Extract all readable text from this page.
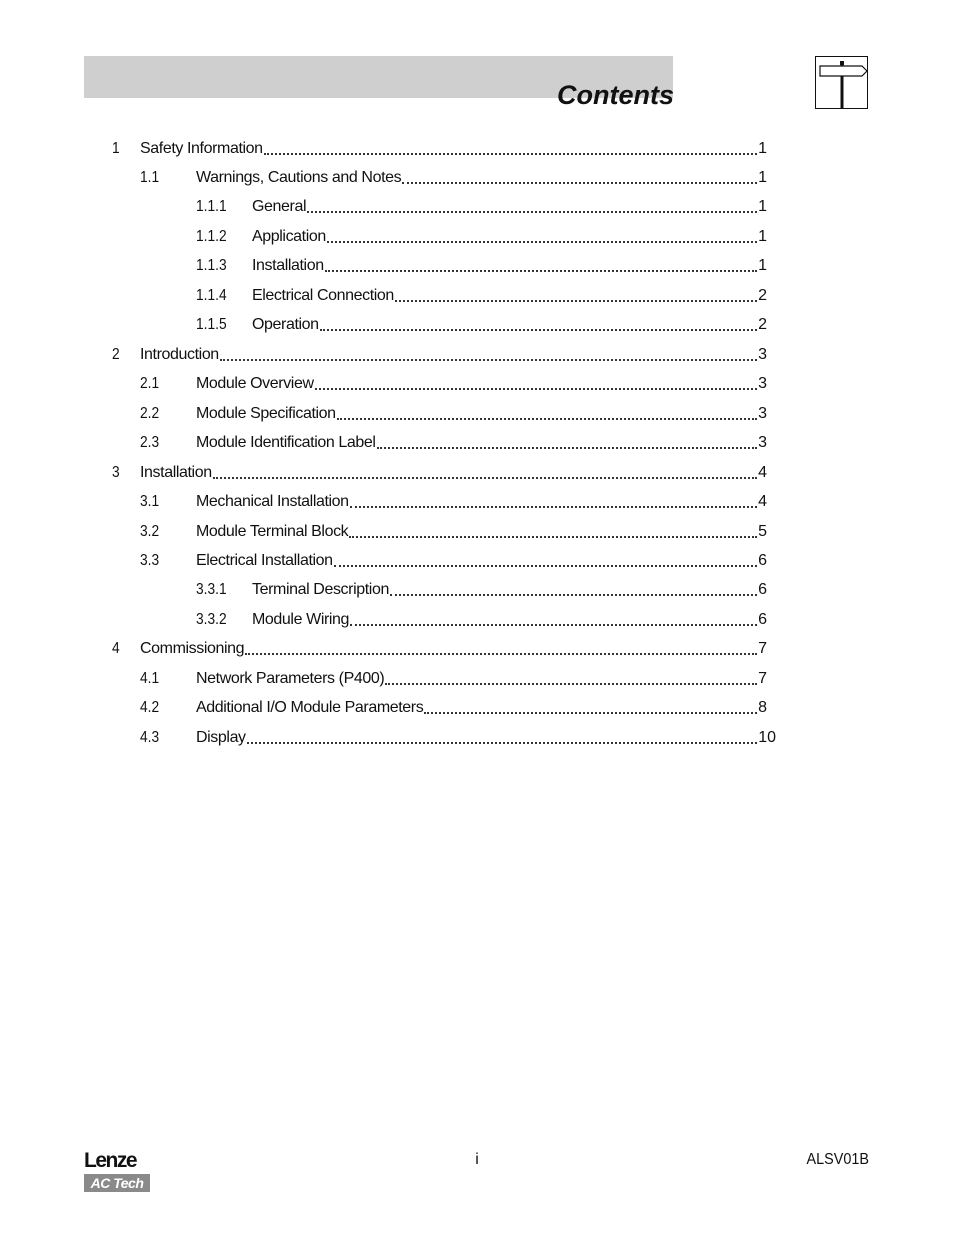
Contents
1	Safety Information	1
1.1	Warnings, Cautions and Notes	1
1.1.1	General	1
1.1.2	Application	1
1.1.3	Installation	1
1.1.4	Electrical Connection	2
1.1.5	Operation	2
2	Introduction	3
2.1	Module Overview	3
2.2	Module Specification	3
2.3	Module Identification Label	3
3	Installation	4
3.1	Mechanical Installation	4
3.2	Module Terminal Block	5
3.3	Electrical Installation	6
3.3.1	Terminal Description	6
3.3.2	Module Wiring	6
4	Commissioning	7
4.1	Network Parameters (P400)	7
4.2	Additional I/O Module Parameters	8
4.3	Display	10
Lenze
AC Tech
i	ALSV01B
